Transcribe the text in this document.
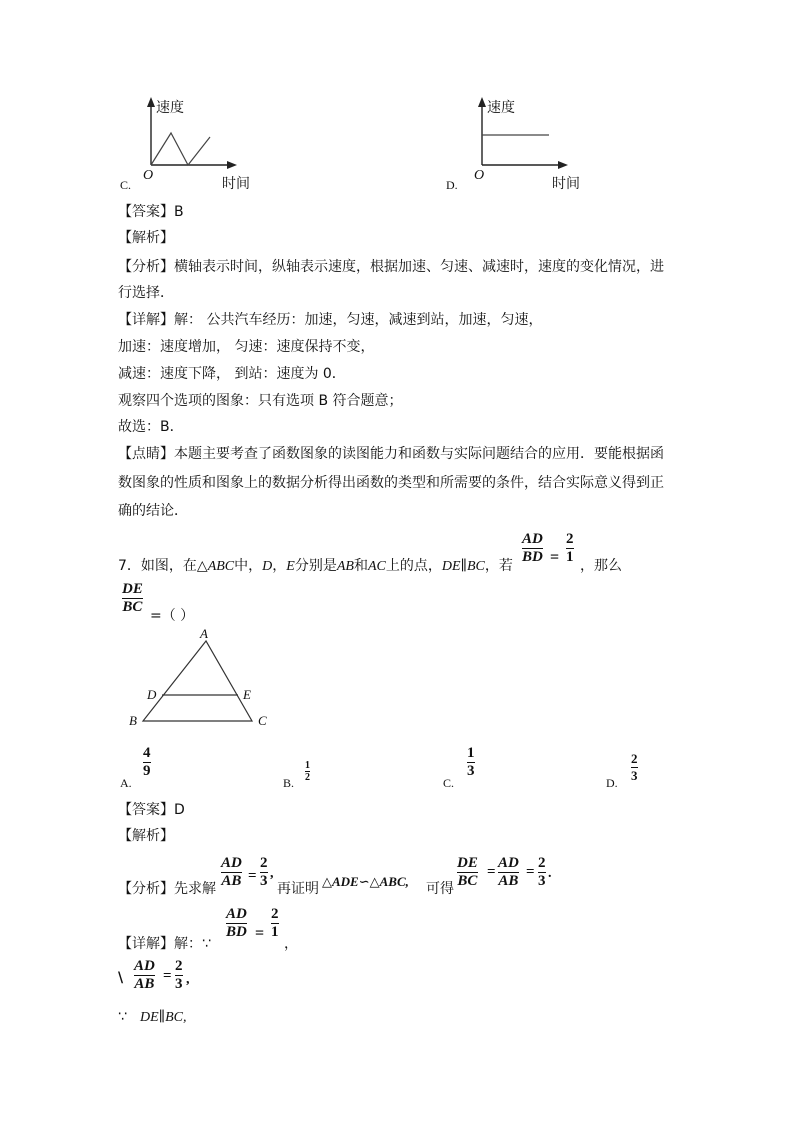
速度
O
时间
C.
速度
O
时间
D.
【答案】B
【解析】
【分析】横轴表示时间，纵轴表示速度，根据加速、匀速、减速时，速度的变化情况，进
行选择．
【详解】解： 公共汽车经历：加速，匀速，减速到站，加速，匀速，
加速：速度增加， 匀速：速度保持不变，
减速：速度下降， 到站：速度为 0．
观察四个选项的图象：只有选项 B 符合题意；
故选：B．
【点睛】本题主要考查了函数图象的读图能力和函数与实际问题结合的应用．要能根据函
数图象的性质和图象上的数据分析得出函数的类型和所需要的条件，结合实际意义得到正
确的结论．
7．如图，在△ABC中，D，E分别是AB和AC上的点，DE∥BC，若
AD
BD =
2
1
，那么
DE
BC
=（ ）
A
D	E
B	C
A.
4
9
B.
1
2	C.
1
3
D.
2
3
【答案】D
【解析】
【分析】先求解
AD
AB =
2
3 ,
再证明 △ADE∽△ABC, 可得
DE
BC
=
AD
AB
=
2
3 .
【详解】解：∵
AD
BD =
2
1
，
\
AD
AB =
2
3 ,
∵ DE∥BC,
